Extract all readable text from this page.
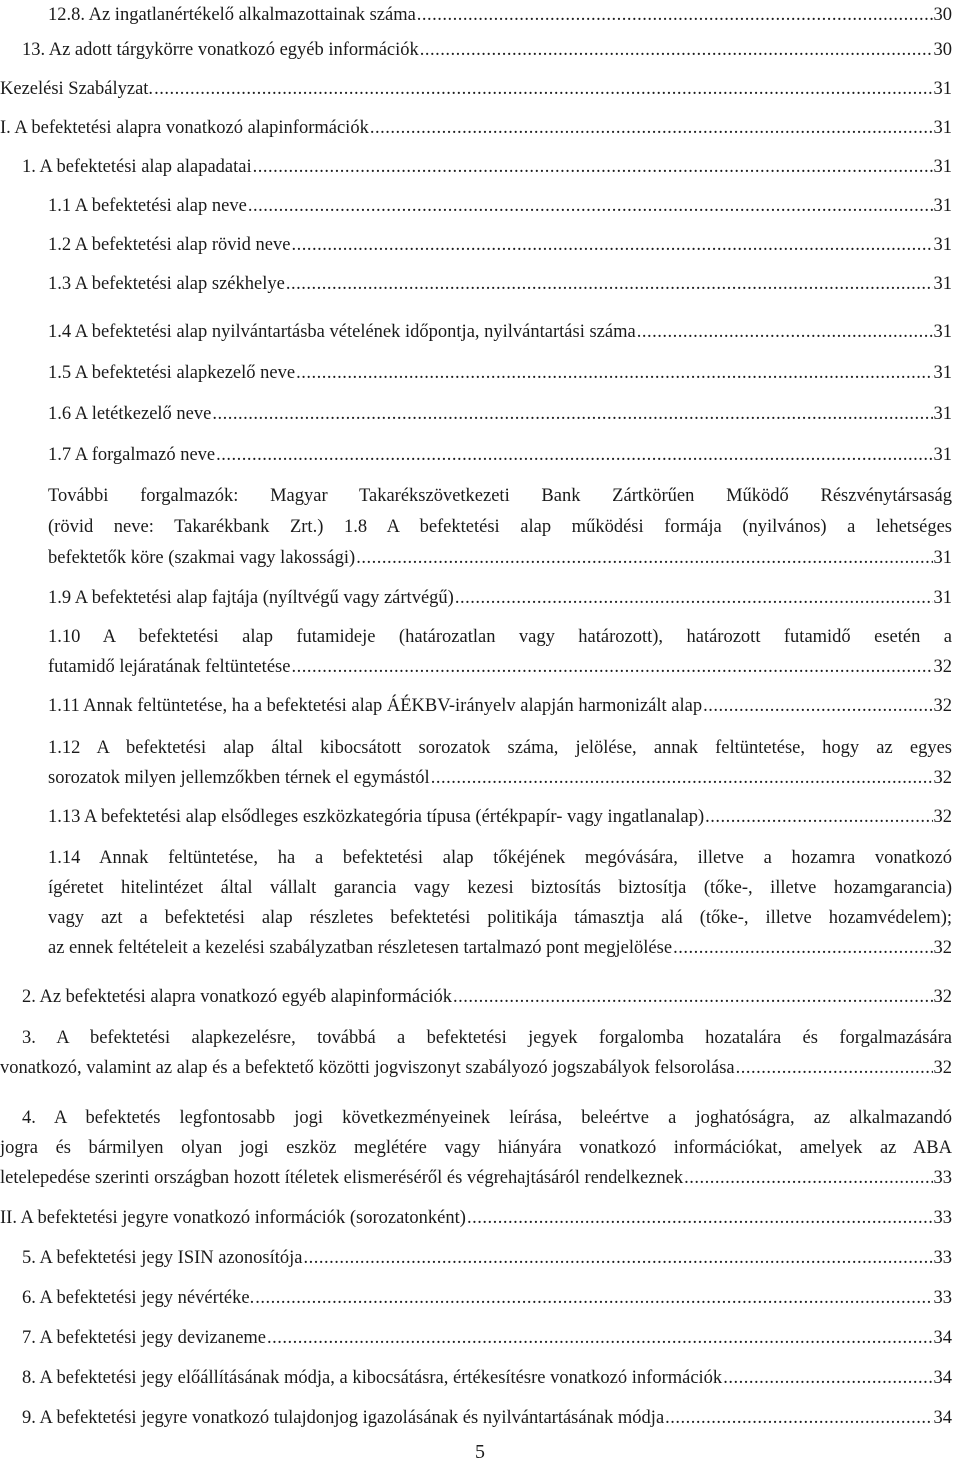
12.8. Az ingatlanértékelő alkalmazottainak száma .....	30
13. Az adott tárgykörre vonatkozó egyéb információk .....	30
Kezelési Szabályzat. .....	31
I. A befektetési alapra vonatkozó alapinformációk .....	31
1. A befektetési alap alapadatai .....	31
1.1 A befektetési alap neve .....	31
1.2 A befektetési alap rövid neve .....	31
1.3 A befektetési alap székhelye .....	31
1.4 A befektetési alap nyilvántartásba vételének időpontja, nyilvántartási száma .....	31
1.5 A befektetési alapkezelő neve .....	31
1.6 A letétkezelő neve .....	31
1.7 A forgalmazó neve .....	31
További forgalmazók: Magyar Takarékszövetkezeti Bank Zártkörűen Működő Részvénytársaság
(rövid neve: Takarékbank Zrt.) 1.8 A befektetési alap működési formája (nyilvános) a lehetséges
befektetők köre (szakmai vagy lakossági) .....	31
1.9 A befektetési alap fajtája (nyíltvégű vagy zártvégű) .....	31
1.10 A befektetési alap futamideje (határozatlan vagy határozott), határozott futamidő esetén a
futamidő lejáratának feltüntetése .....	32
1.11 Annak feltüntetése, ha a befektetési alap ÁÉKBV-irányelv alapján harmonizált alap .....	32
1.12 A befektetési alap által kibocsátott sorozatok száma, jelölése, annak feltüntetése, hogy az egyes
sorozatok milyen jellemzőkben térnek el egymástól .....	32
1.13 A befektetési alap elsődleges eszközkategória típusa (értékpapír- vagy ingatlanalap) .....	32
1.14 Annak feltüntetése, ha a befektetési alap tőkéjének megóvására, illetve a hozamra vonatkozó
ígéretet hitelintézet által vállalt garancia vagy kezesi biztosítás biztosítja (tőke-, illetve hozamgarancia)
vagy azt a befektetési alap részletes befektetési politikája támasztja alá (tőke-, illetve hozamvédelem);
az ennek feltételeit a kezelési szabályzatban részletesen tartalmazó pont megjelölése .....	32
2. Az befektetési alapra vonatkozó egyéb alapinformációk .....	32
3. A befektetési alapkezelésre, továbbá a befektetési jegyek forgalomba hozatalára és forgalmazására
vonatkozó, valamint az alap és a befektető közötti jogviszonyt szabályozó jogszabályok felsorolása .....	32
4. A befektetés legfontosabb jogi következményeinek leírása, beleértve a joghatóságra, az alkalmazandó
jogra és bármilyen olyan jogi eszköz meglétére vagy hiányára vonatkozó információkat, amelyek az ABA
letelepedése szerinti országban hozott ítéletek elismeréséről és végrehajtásáról rendelkeznek .....	33
II. A befektetési jegyre vonatkozó információk (sorozatonként) .....	33
5. A befektetési jegy ISIN azonosítója .....	33
6. A befektetési jegy névértéke. .....	33
7. A befektetési jegy devizaneme .....	34
8. A befektetési jegy előállításának módja, a kibocsátásra, értékesítésre vonatkozó információk .....	34
9. A befektetési jegyre vonatkozó tulajdonjog igazolásának és nyilvántartásának módja .....	34
5
